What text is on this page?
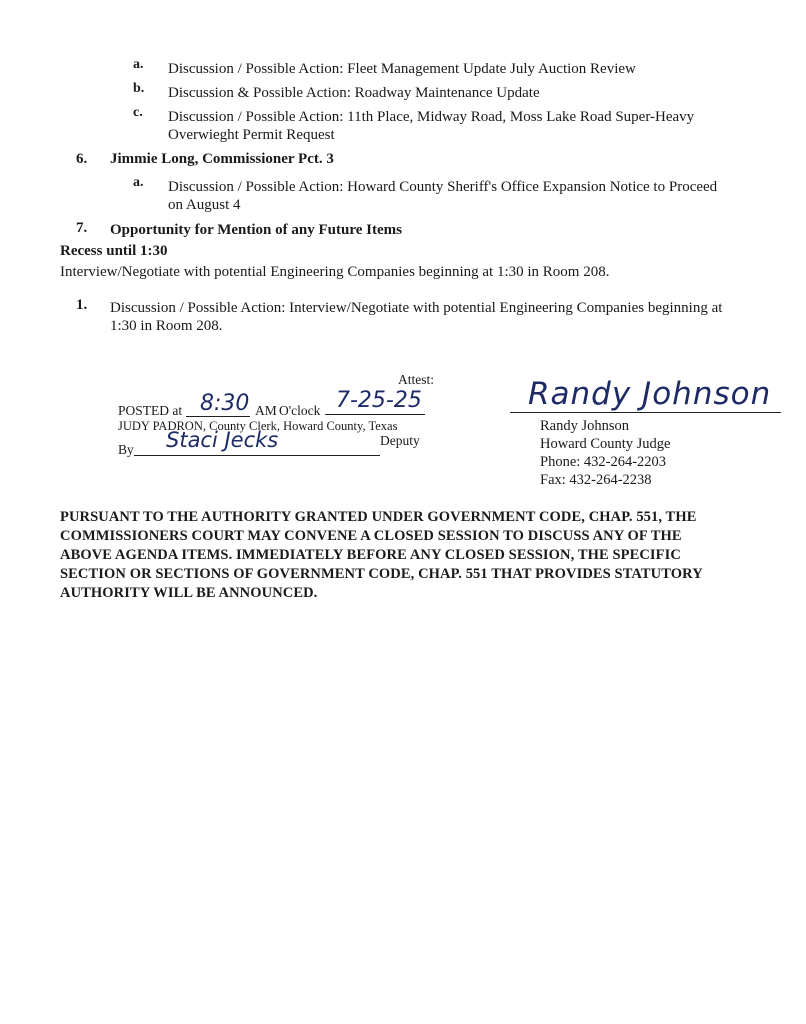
a. Discussion / Possible Action: Fleet Management Update July Auction Review
b. Discussion & Possible Action: Roadway Maintenance Update
c. Discussion / Possible Action: 11th Place, Midway Road, Moss Lake Road Super-Heavy
Overwieght Permit Request
6. Jimmie Long, Commissioner Pct. 3
a. Discussion / Possible Action: Howard County Sheriff's Office Expansion Notice to Proceed
on August 4
7. Opportunity for Mention of any Future Items
Recess until 1:30
Interview/Negotiate with potential Engineering Companies beginning at 1:30 in Room 208.
1. Discussion / Possible Action: Interview/Negotiate with potential Engineering Companies beginning at
1:30 in Room 208.
Attest:
POSTED at 8:30 AM O'clock 7-25-25
JUDY PADRON, County Clerk, Howard County, Texas
By Staci Jecks	Deputy
Randy Johnson
Randy Johnson
Howard County Judge
Phone: 432-264-2203
Fax: 432-264-2238
PURSUANT TO THE AUTHORITY GRANTED UNDER GOVERNMENT CODE, CHAP. 551, THE
COMMISSIONERS COURT MAY CONVENE A CLOSED SESSION TO DISCUSS ANY OF THE
ABOVE AGENDA ITEMS. IMMEDIATELY BEFORE ANY CLOSED SESSION, THE SPECIFIC
SECTION OR SECTIONS OF GOVERNMENT CODE, CHAP. 551 THAT PROVIDES STATUTORY
AUTHORITY WILL BE ANNOUNCED.
